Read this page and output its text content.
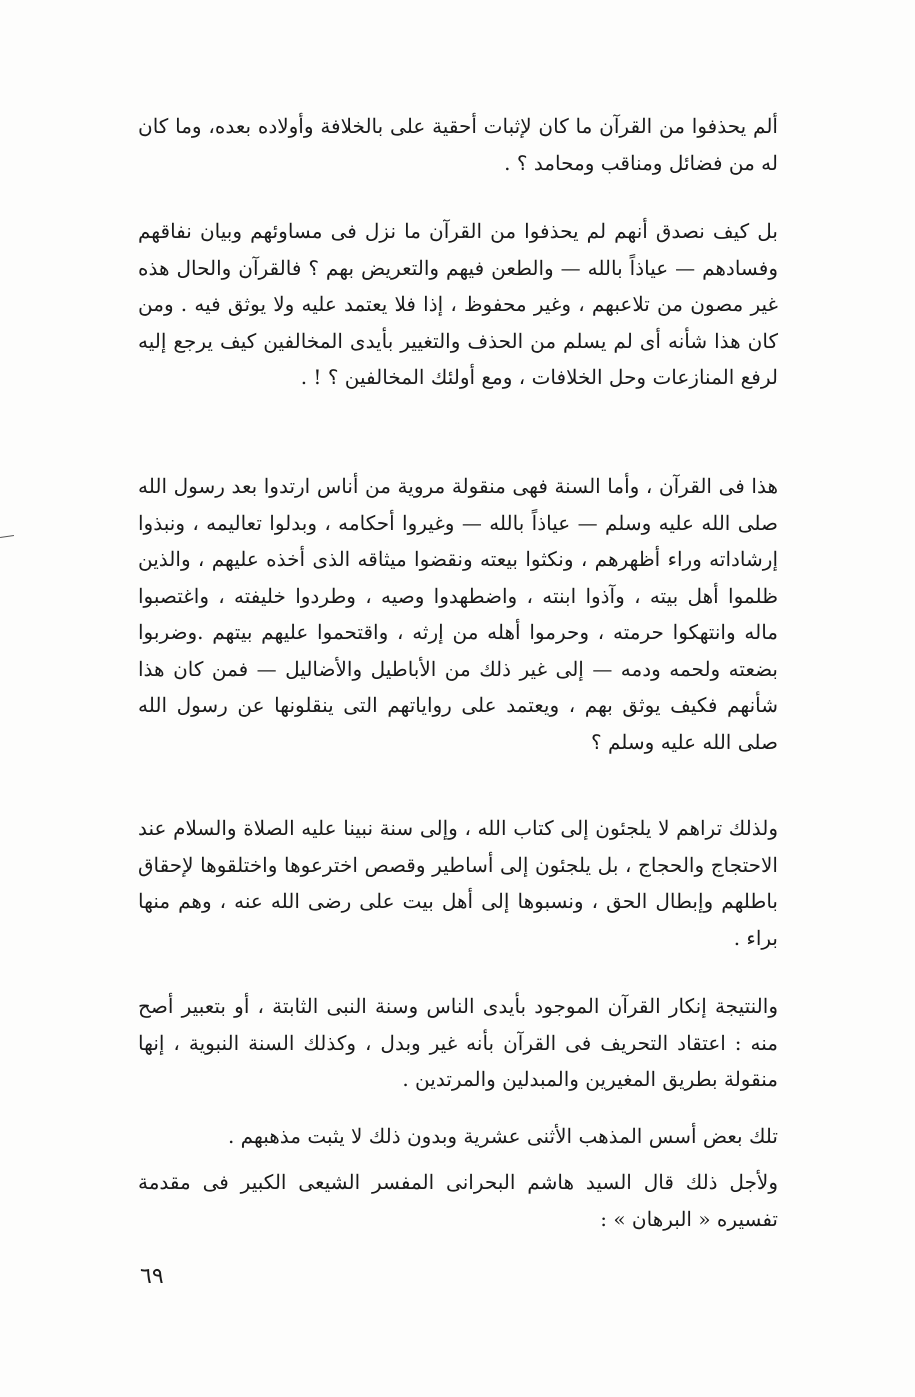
ألم يحذفوا من القرآن ما كان لإثبات أحقية على بالخلافة وأولاده بعده، وما كان له من فضائل ومناقب ومحامد ؟ .

بل كيف نصدق أنهم لم يحذفوا من القرآن ما نزل فى مساوئهم وبيان نفاقهم وفسادهم — عياذاً بالله — والطعن فيهم والتعريض بهم ؟ فالقرآن والحال هذه غير مصون من تلاعبهم ، وغير محفوظ ، إذا فلا يعتمد عليه ولا يوثق فيه . ومن كان هذا شأنه أى لم يسلم من الحذف والتغيير بأيدى المخالفين كيف يرجع إليه لرفع المنازعات وحل الخلافات ، ومع أولئك المخالفين ؟ ! .

هذا فى القرآن ، وأما السنة فهى منقولة مروية من أناس ارتدوا بعد رسول الله صلى الله عليه وسلم — عياذاً بالله — وغيروا أحكامه ، وبدلوا تعاليمه ، ونبذوا إرشاداته وراء أظهرهم ، ونكثوا بيعته ونقضوا ميثاقه الذى أخذه عليهم ، والذين ظلموا أهل بيته ، وآذوا ابنته ، واضطهدوا وصيه ، وطردوا خليفته ، واغتصبوا ماله وانتهكوا حرمته ، وحرموا أهله من إرثه ، واقتحموا عليهم بيتهم .وضربوا بضعته ولحمه ودمه — إلى غير ذلك من الأباطيل والأضاليل — فمن كان هذا شأنهم فكيف يوثق بهم ، ويعتمد على رواياتهم التى ينقلونها عن رسول الله صلى الله عليه وسلم ؟

ولذلك تراهم لا يلجئون إلى كتاب الله ، وإلى سنة نبينا عليه الصلاة والسلام عند الاحتجاج والحجاج ، بل يلجئون إلى أساطير وقصص اخترعوها واختلقوها لإحقاق باطلهم وإبطال الحق ، ونسبوها إلى أهل بيت على رضى الله عنه ، وهم منها براء .

والنتيجة إنكار القرآن الموجود بأيدى الناس وسنة النبى الثابتة ، أو بتعبير أصح منه : اعتقاد التحريف فى القرآن بأنه غير وبدل ، وكذلك السنة النبوية ، إنها منقولة بطريق المغيرين والمبدلين والمرتدين .

تلك بعض أسس المذهب الأثنى عشرية وبدون ذلك لا يثبت مذهبهم .

ولأجل ذلك قال السيد هاشم البحرانى المفسر الشيعى الكبير فى مقدمة تفسيره « البرهان » :

٦٩
